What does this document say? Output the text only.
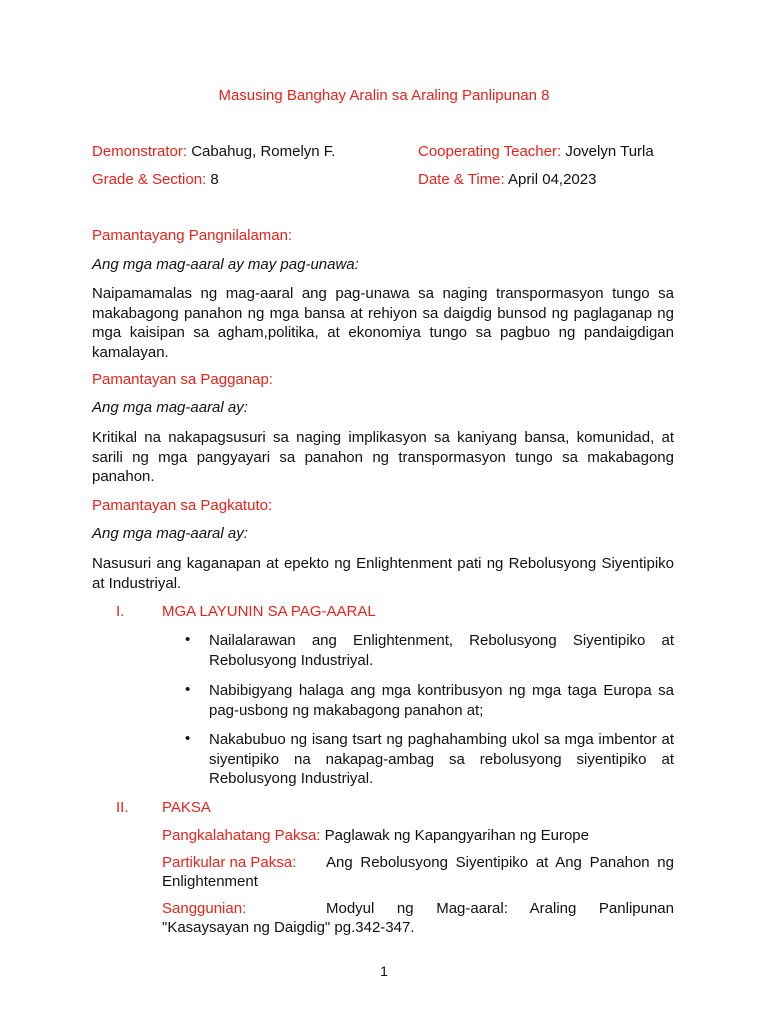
Masusing Banghay Aralin sa Araling Panlipunan 8
Demonstrator: Cabahug, Romelyn F.	Cooperating Teacher: Jovelyn Turla
Grade & Section: 8	Date & Time: April 04,2023
Pamantayang Pangnilalaman:
Ang mga mag-aaral ay may pag-unawa:
Naipamamalas ng mag-aaral ang pag-unawa sa naging transpormasyon tungo sa makabagong panahon ng mga bansa at rehiyon sa daigdig bunsod ng paglaganap ng mga kaisipan sa agham,politika, at ekonomiya tungo sa pagbuo ng pandaigdigan kamalayan.
Pamantayan sa Pagganap:
Ang mga mag-aaral ay:
Kritikal na nakapagsusuri sa naging implikasyon sa kaniyang bansa, komunidad, at sarili ng mga pangyayari sa panahon ng transpormasyon tungo sa makabagong panahon.
Pamantayan sa Pagkatuto:
Ang mga mag-aaral ay:
Nasusuri ang kaganapan at epekto ng Enlightenment pati ng Rebolusyong Siyentipiko at Industriyal.
I.	MGA LAYUNIN SA PAG-AARAL
• Nailalarawan ang Enlightenment, Rebolusyong Siyentipiko at Rebolusyong Industriyal.
• Nabibigyang halaga ang mga kontribusyon ng mga taga Europa sa pag-usbong ng makabagong panahon at;
• Nakabubuo ng isang tsart ng paghahambing ukol sa mga imbentor at siyentipiko na nakapag-ambag sa rebolusyong siyentipiko at Rebolusyong Industriyal.
II. PAKSA
Pangkalahatang Paksa: Paglawak ng Kapangyarihan ng Europe
Partikular na Paksa: Ang Rebolusyong Siyentipiko at Ang Panahon ng
Enlightenment
Sanggunian:	Modyul ng Mag-aaral: Araling Panlipunan
"Kasaysayan ng Daigdig" pg.342-347.
1
